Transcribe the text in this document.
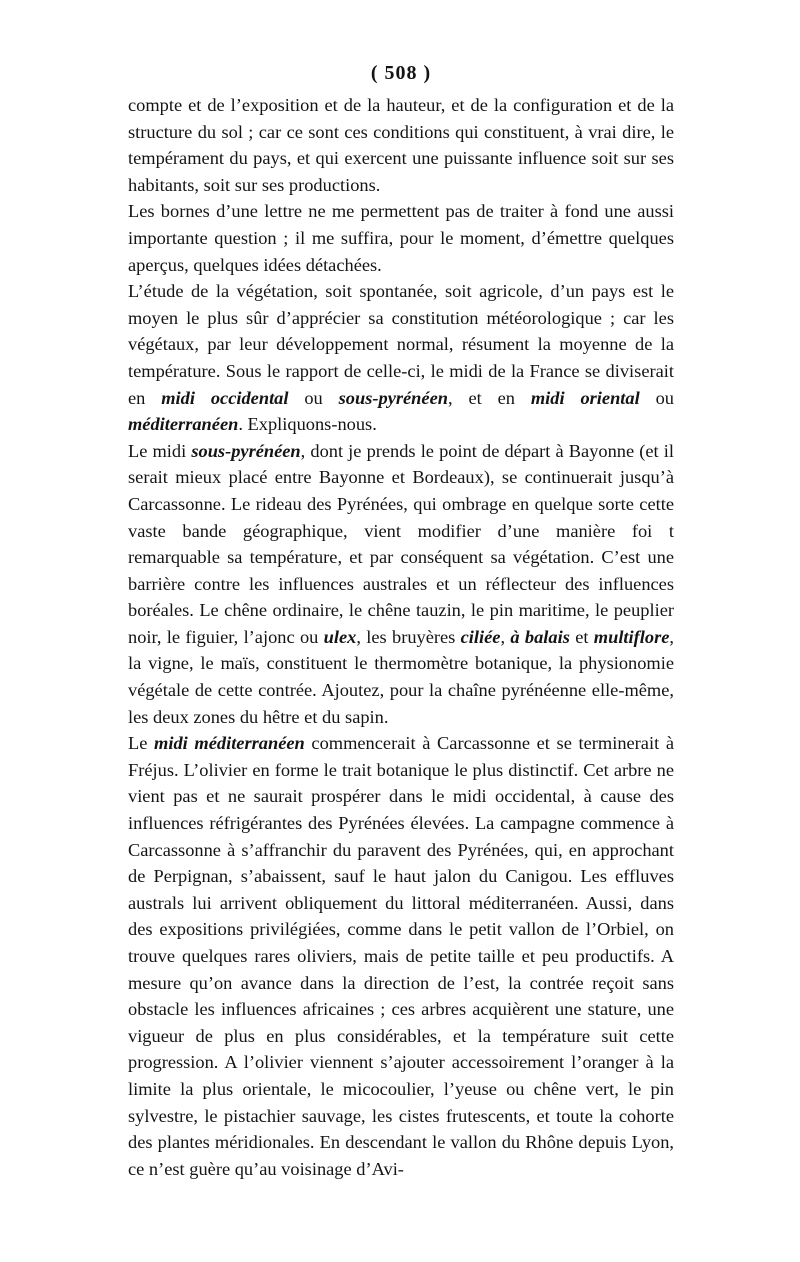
( 508 )

compte et de l’exposition et de la hauteur, et de la configuration et de la structure du sol ; car ce sont ces conditions qui constituent, à vrai dire, le tempérament du pays, et qui exercent une puissante influence soit sur ses habitants, soit sur ses productions.

Les bornes d’une lettre ne me permettent pas de traiter à fond une aussi importante question ; il me suffira, pour le moment, d’émettre quelques aperçus, quelques idées détachées.

L’étude de la végétation, soit spontanée, soit agricole, d’un pays est le moyen le plus sûr d’apprécier sa constitution météorologique ; car les végétaux, par leur développement normal, résument la moyenne de la température. Sous le rapport de celle-ci, le midi de la France se diviserait en midi occidental ou sous-pyrénéen, et en midi oriental ou méditerranéen. Expliquons-nous.

Le midi sous-pyrénéen, dont je prends le point de départ à Bayonne (et il serait mieux placé entre Bayonne et Bordeaux), se continuerait jusqu’à Carcassonne. Le rideau des Pyrénées, qui ombrage en quelque sorte cette vaste bande géographique, vient modifier d’une manière foi t remarquable sa température, et par conséquent sa végétation. C’est une barrière contre les influences australes et un réflecteur des influences boréales. Le chêne ordinaire, le chêne tauzin, le pin maritime, le peuplier noir, le figuier, l’ajonc ou ulex, les bruyères ciliée, à balais et multiflore, la vigne, le maïs, constituent le thermomètre botanique, la physionomie végétale de cette contrée. Ajoutez, pour la chaîne pyrénéenne elle-même, les deux zones du hêtre et du sapin.

Le midi méditerranéen commencerait à Carcassonne et se terminerait à Fréjus. L’olivier en forme le trait botanique le plus distinctif. Cet arbre ne vient pas et ne saurait prospérer dans le midi occidental, à cause des influences réfrigérantes des Pyrénées élevées. La campagne commence à Carcassonne à s’affranchir du paravent des Pyrénées, qui, en approchant de Perpignan, s’abaissent, sauf le haut jalon du Canigou. Les effluves australs lui arrivent obliquement du littoral méditerranéen. Aussi, dans des expositions privilégiées, comme dans le petit vallon de l’Orbiel, on trouve quelques rares oliviers, mais de petite taille et peu productifs. A mesure qu’on avance dans la direction de l’est, la contrée reçoit sans obstacle les influences africaines ; ces arbres acquièrent une stature, une vigueur de plus en plus considérables, et la température suit cette progression. A l’olivier viennent s’ajouter accessoirement l’oranger à la limite la plus orientale, le micocoulier, l’yeuse ou chêne vert, le pin sylvestre, le pistachier sauvage, les cistes frutescents, et toute la cohorte des plantes méridionales. En descendant le vallon du Rhône depuis Lyon, ce n’est guère qu’au voisinage d’Avi-
